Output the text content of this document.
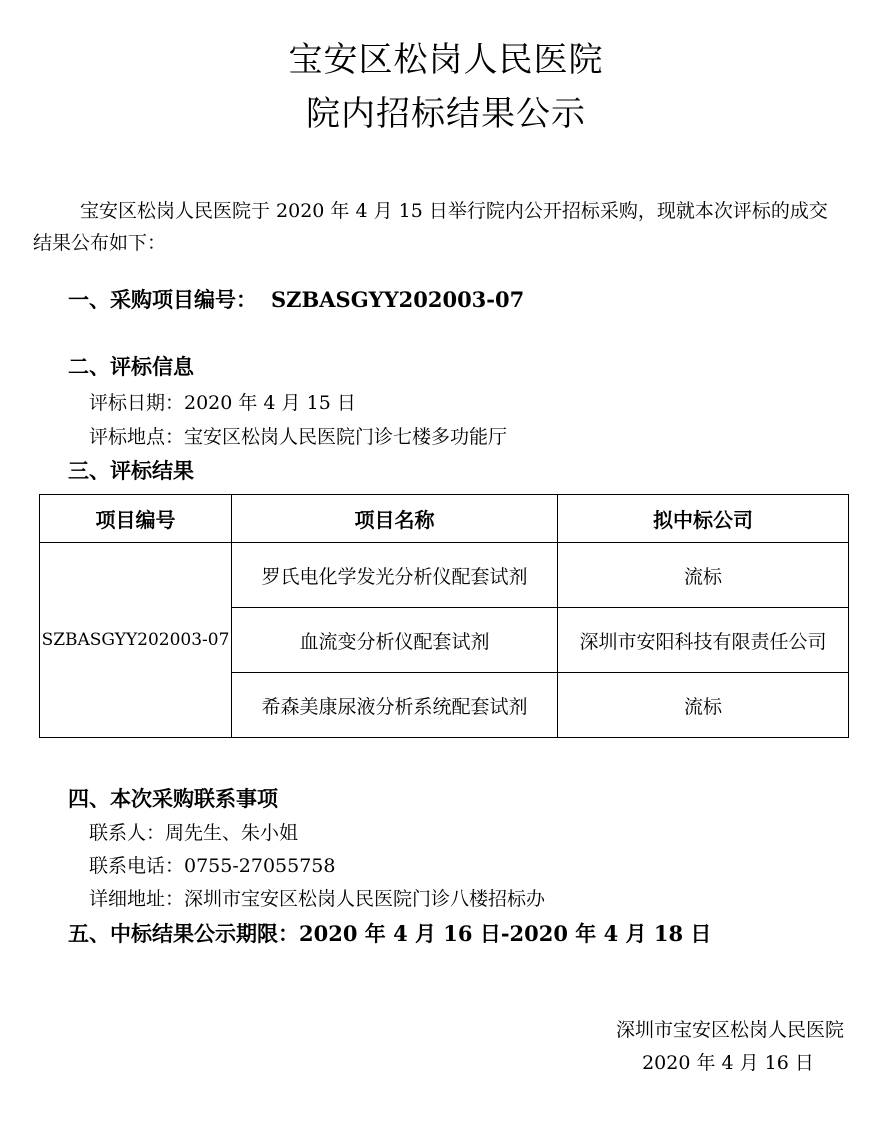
宝安区松岗人民医院
院内招标结果公示
宝安区松岗人民医院于 2020 年 4 月 15 日举行院内公开招标采购，现就本次评标的成交
结果公布如下：
一、采购项目编号： SZBASGYY202003-07
二、评标信息
评标日期：2020 年 4 月 15 日
评标地点：宝安区松岗人民医院门诊七楼多功能厅
三、评标结果
项目编号	项目名称	拟中标公司
SZBASGYY202003-07	罗氏电化学发光分析仪配套试剂	流标
	血流变分析仪配套试剂	深圳市安阳科技有限责任公司
	希森美康尿液分析系统配套试剂	流标
四、本次采购联系事项
联系人：周先生、朱小姐
联系电话：0755-27055758
详细地址：深圳市宝安区松岗人民医院门诊八楼招标办
五、中标结果公示期限：2020 年 4 月 16 日-2020 年 4 月 18 日
深圳市宝安区松岗人民医院
2020 年 4 月 16 日
